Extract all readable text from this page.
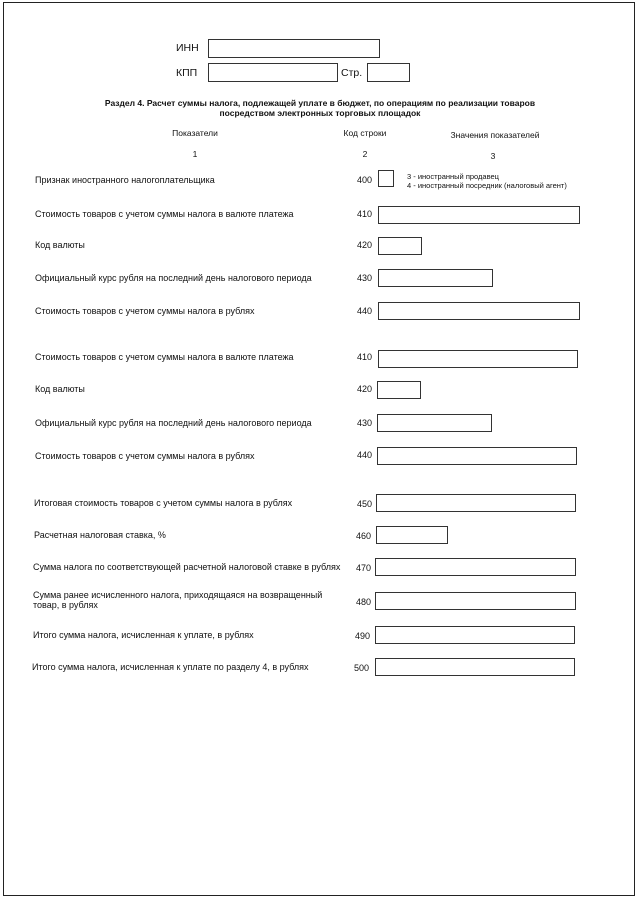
ИНН
КПП	Стр.
Раздел 4. Расчет суммы налога, подлежащей уплате в бюджет, по операциям по реализации товаров
посредством электронных торговых площадок
Показатели	Код строки	Значения показателей
1	2	3
Признак иностранного налогоплательщика	400	3 - иностранный продавец
4 - иностранный посредник (налоговый агент)
Стоимость товаров с учетом суммы налога в валюте платежа	410
Код валюты	420
Официальный курс рубля на последний день налогового периода	430
Стоимость товаров с учетом суммы налога в рублях	440
Стоимость товаров с учетом суммы налога в валюте платежа	410
Код валюты	420
Официальный курс рубля на последний день налогового периода	430
Стоимость товаров с учетом суммы налога в рублях	440
Итоговая стоимость товаров с учетом суммы налога в рублях	450
Расчетная налоговая ставка, %	460
Сумма налога по соответствующей расчетной налоговой ставке в рублях	470
Сумма ранее исчисленного налога, приходящаяся на возвращенный
товар, в рублях	480
Итого сумма налога, исчисленная к уплате, в рублях	490
Итого сумма налога, исчисленная к уплате по разделу 4, в рублях	500
